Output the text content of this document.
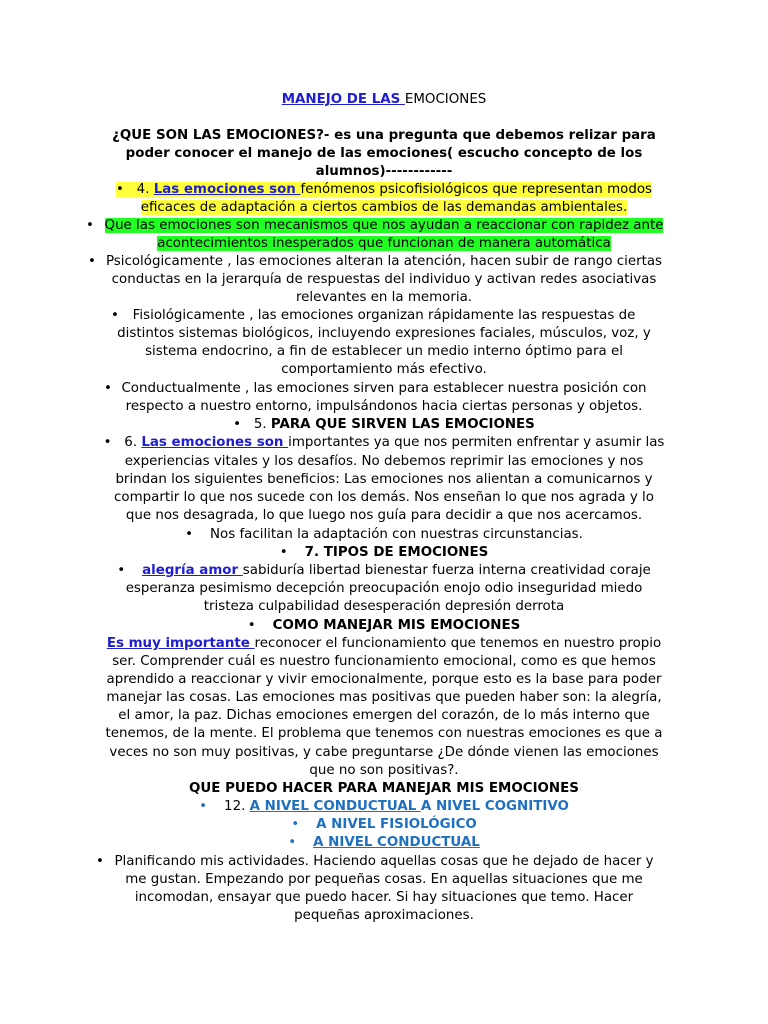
MANEJO DE LAS EMOCIONES
¿QUE SON LAS EMOCIONES?- es una pregunta que debemos relizar para
poder conocer el manejo de las emociones( escucho concepto de los
alumnos)------------
• 4. Las emociones son fenómenos psicofisiológicos que representan modos
eficaces de adaptación a ciertos cambios de las demandas ambientales.
• Que las emociones son mecanismos que nos ayudan a reaccionar con rapidez ante
acontecimientos inesperados que funcionan de manera automática
• Psicológicamente , las emociones alteran la atención, hacen subir de rango ciertas
conductas en la jerarquía de respuestas del individuo y activan redes asociativas
relevantes en la memoria.
• Fisiológicamente , las emociones organizan rápidamente las respuestas de
distintos sistemas biológicos, incluyendo expresiones faciales, músculos, voz, y
sistema endocrino, a fin de establecer un medio interno óptimo para el
comportamiento más efectivo.
• Conductualmente , las emociones sirven para establecer nuestra posición con
respecto a nuestro entorno, impulsándonos hacia ciertas personas y objetos.
• 5. PARA QUE SIRVEN LAS EMOCIONES
• 6. Las emociones son importantes ya que nos permiten enfrentar y asumir las
experiencias vitales y los desafíos. No debemos reprimir las emociones y nos
brindan los siguientes beneficios: Las emociones nos alientan a comunicarnos y
compartir lo que nos sucede con los demás. Nos enseñan lo que nos agrada y lo
que nos desagrada, lo que luego nos guía para decidir a que nos acercamos.
• Nos facilitan la adaptación con nuestras circunstancias.
• 7. TIPOS DE EMOCIONES
• alegría amor sabiduría libertad bienestar fuerza interna creatividad coraje
esperanza pesimismo decepción preocupación enojo odio inseguridad miedo
tristeza culpabilidad desesperación depresión derrota
• COMO MANEJAR MIS EMOCIONES
Es muy importante reconocer el funcionamiento que tenemos en nuestro propio
ser. Comprender cuál es nuestro funcionamiento emocional, como es que hemos
aprendido a reaccionar y vivir emocionalmente, porque esto es la base para poder
manejar las cosas. Las emociones mas positivas que pueden haber son: la alegría,
el amor, la paz. Dichas emociones emergen del corazón, de lo más interno que
tenemos, de la mente. El problema que tenemos con nuestras emociones es que a
veces no son muy positivas, y cabe preguntarse ¿De dónde vienen las emociones
que no son positivas?.
QUE PUEDO HACER PARA MANEJAR MIS EMOCIONES
• 12. A NIVEL CONDUCTUAL A NIVEL COGNITIVO
• A NIVEL FISIOLÓGICO
• A NIVEL CONDUCTUAL
• Planificando mis actividades. Haciendo aquellas cosas que he dejado de hacer y
me gustan. Empezando por pequeñas cosas. En aquellas situaciones que me
incomodan, ensayar que puedo hacer. Si hay situaciones que temo. Hacer
pequeñas aproximaciones.
